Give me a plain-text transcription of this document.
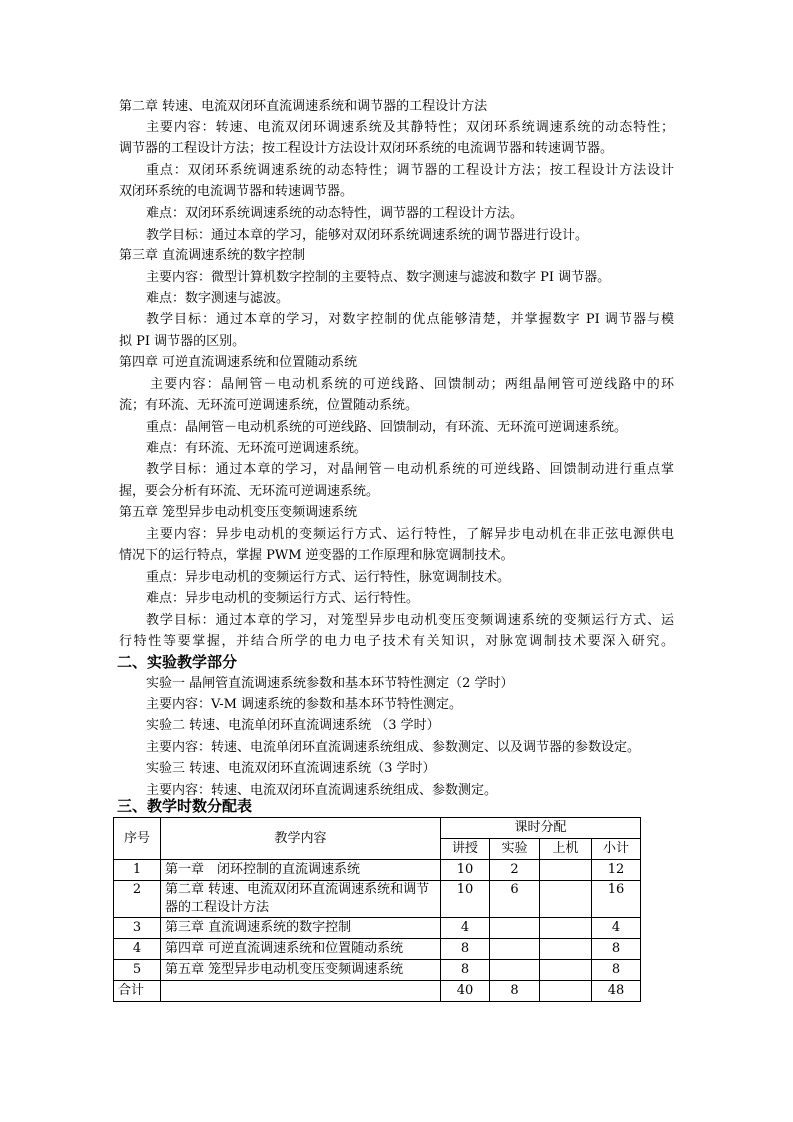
第二章 转速、电流双闭环直流调速系统和调节器的工程设计方法
主要内容：转速、电流双闭环调速系统及其静特性；双闭环系统调速系统的动态特性；
调节器的工程设计方法；按工程设计方法设计双闭环系统的电流调节器和转速调节器。
重点：双闭环系统调速系统的动态特性；调节器的工程设计方法；按工程设计方法设计
双闭环系统的电流调节器和转速调节器。
难点：双闭环系统调速系统的动态特性，调节器的工程设计方法。
教学目标：通过本章的学习，能够对双闭环系统调速系统的调节器进行设计。
第三章 直流调速系统的数字控制
主要内容：微型计算机数字控制的主要特点、数字测速与滤波和数字 PI 调节器。
难点：数字测速与滤波。
教学目标：通过本章的学习，对数字控制的优点能够清楚，并掌握数字 PI 调节器与模
拟 PI 调节器的区别。
第四章 可逆直流调速系统和位置随动系统
主要内容：晶闸管－电动机系统的可逆线路、回馈制动；两组晶闸管可逆线路中的环
流；有环流、无环流可逆调速系统，位置随动系统。
重点：晶闸管－电动机系统的可逆线路、回馈制动，有环流、无环流可逆调速系统。
难点：有环流、无环流可逆调速系统。
教学目标：通过本章的学习，对晶闸管－电动机系统的可逆线路、回馈制动进行重点掌
握，要会分析有环流、无环流可逆调速系统。
第五章 笼型异步电动机变压变频调速系统
主要内容：异步电动机的变频运行方式、运行特性，了解异步电动机在非正弦电源供电
情况下的运行特点，掌握 PWM 逆变器的工作原理和脉宽调制技术。
重点：异步电动机的变频运行方式、运行特性，脉宽调制技术。
难点：异步电动机的变频运行方式、运行特性。
教学目标：通过本章的学习，对笼型异步电动机变压变频调速系统的变频运行方式、运
行特性等要掌握，并结合所学的电力电子技术有关知识，对脉宽调制技术要深入研究。
二、实验教学部分
实验一 晶闸管直流调速系统参数和基本环节特性测定（2 学时）
主要内容：V-M 调速系统的参数和基本环节特性测定。
实验二 转速、电流单闭环直流调速系统 （3 学时）
主要内容：转速、电流单闭环直流调速系统组成、参数测定、以及调节器的参数设定。
实验三 转速、电流双闭环直流调速系统（3 学时）
主要内容：转速、电流双闭环直流调速系统组成、参数测定。
三、教学时数分配表
序号	教学内容	课时分配			
		讲授	实验	上机	小计
1	第一章　闭环控制的直流调速系统	10	2		12
2	第二章 转速、电流双闭环直流调速系统和调节器的工程设计方法	10	6		16
3	第三章 直流调速系统的数字控制	4			4
4	第四章 可逆直流调速系统和位置随动系统	8			8
5	第五章 笼型异步电动机变压变频调速系统	8			8
合计		40	8		48
